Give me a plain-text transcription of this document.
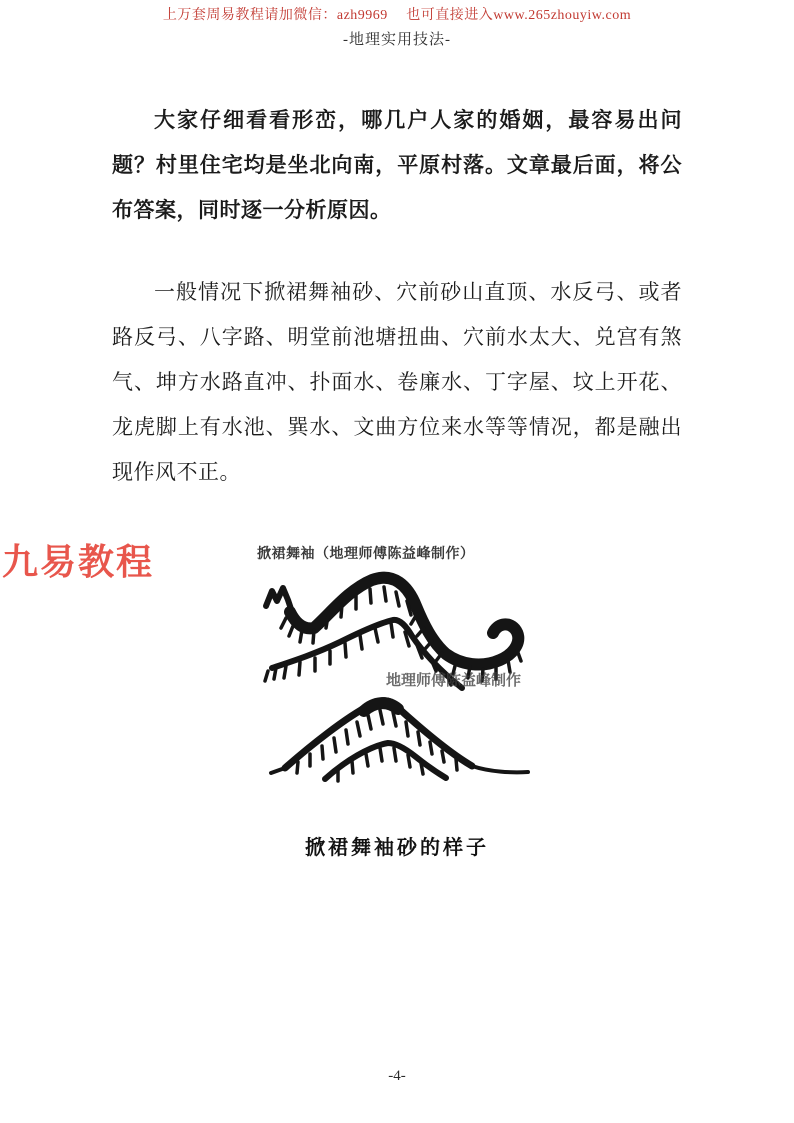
上万套周易教程请加微信：azh9969　 也可直接进入www.265zhouyiw.com
-地理实用技法-

大家仔细看看形峦，哪几户人家的婚姻，最容易出问题？村里住宅均是坐北向南，平原村落。文章最后面，将公布答案，同时逐一分析原因。

一般情况下掀裙舞袖砂、穴前砂山直顶、水反弓、或者路反弓、八字路、明堂前池塘扭曲、穴前水太大、兑宫有煞气、坤方水路直冲、扑面水、卷廉水、丁字屋、坟上开花、龙虎脚上有水池、巽水、文曲方位来水等等情况，都是融出现作风不正。

九易教程	掀裙舞袖（地理师傅陈益峰制作）
地理师傅陈益峰制作
掀裙舞袖砂的样子
-4-
